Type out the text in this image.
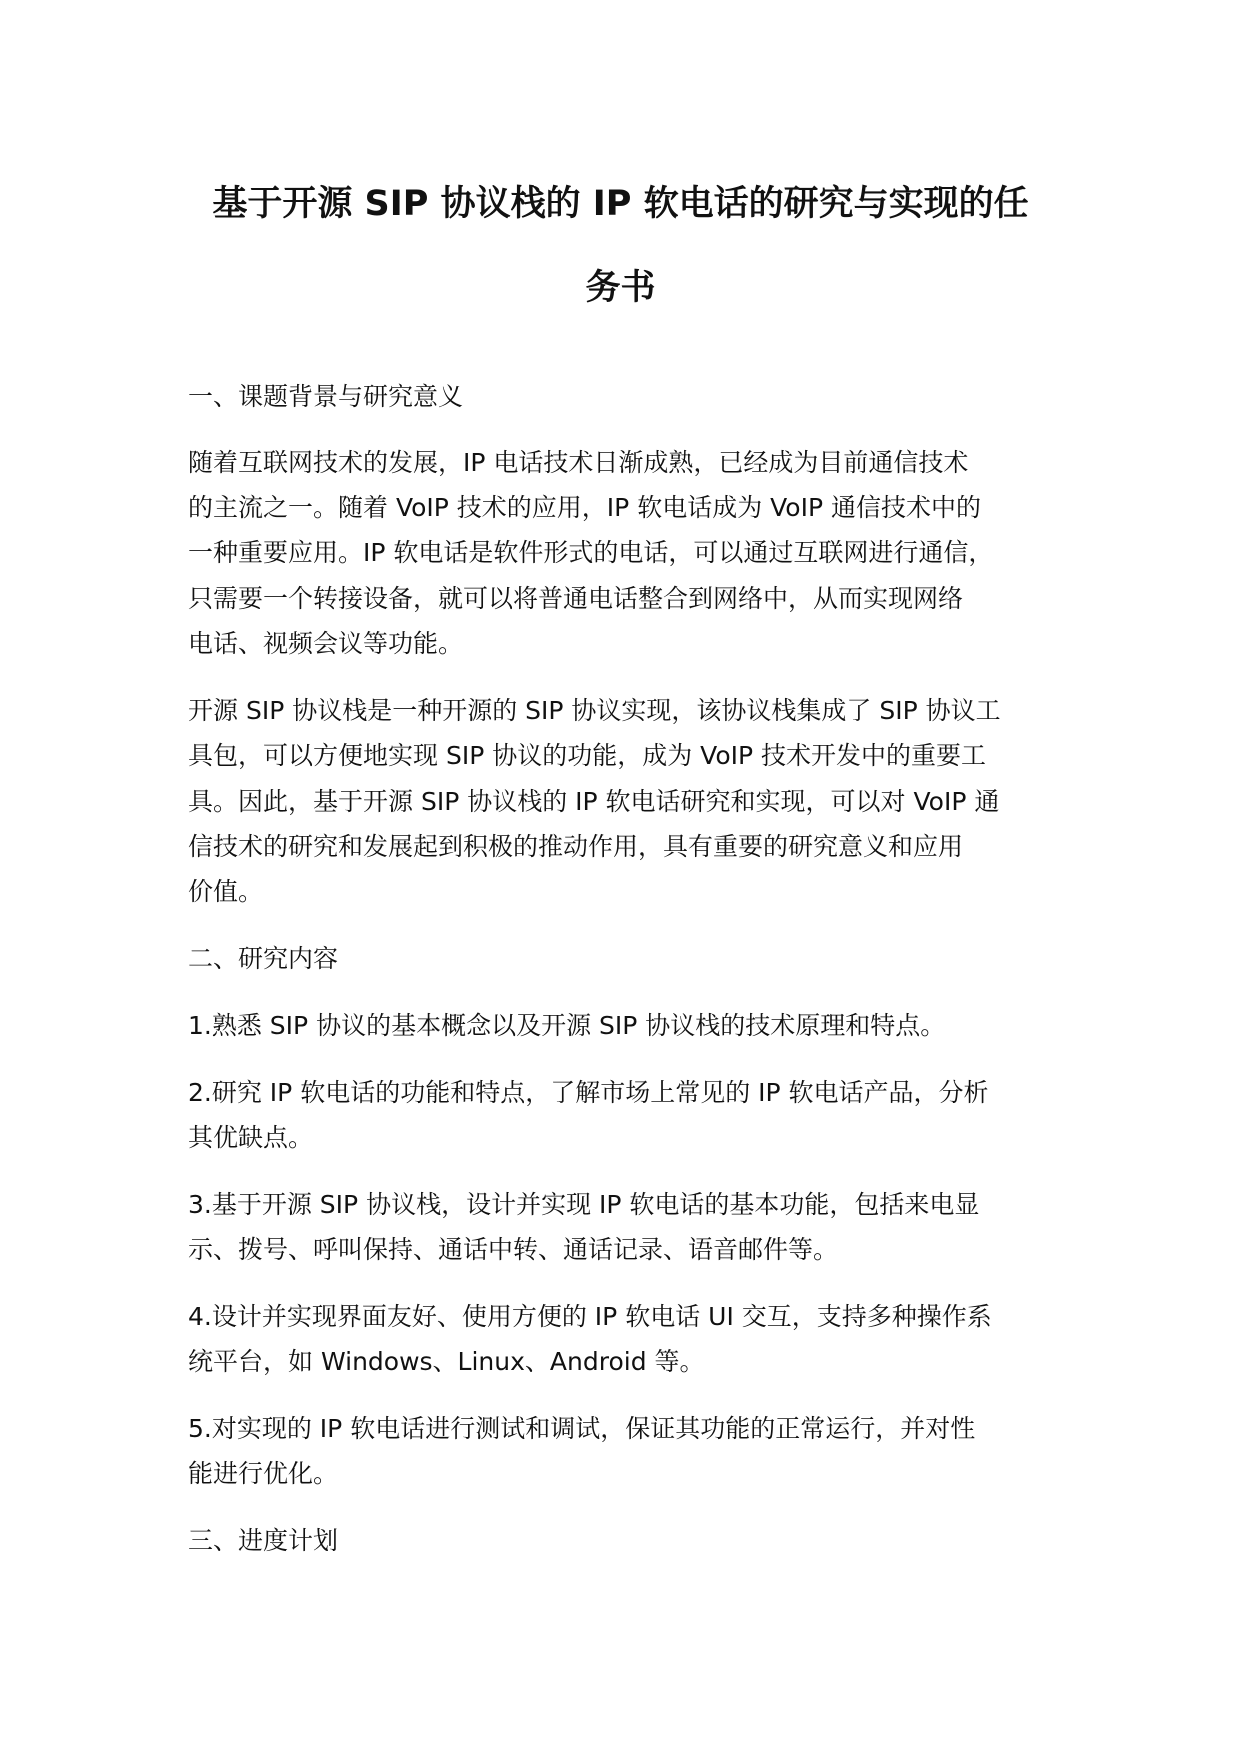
基于开源 SIP 协议栈的 IP 软电话的研究与实现的任
务书

一、课题背景与研究意义

随着互联网技术的发展，IP 电话技术日渐成熟，已经成为目前通信技术

的主流之一。随着 VoIP 技术的应用，IP 软电话成为 VoIP 通信技术中的

一种重要应用。IP 软电话是软件形式的电话，可以通过互联网进行通信，

只需要一个转接设备，就可以将普通电话整合到网络中，从而实现网络

电话、视频会议等功能。

开源 SIP 协议栈是一种开源的 SIP 协议实现，该协议栈集成了 SIP 协议工

具包，可以方便地实现 SIP 协议的功能，成为 VoIP 技术开发中的重要工

具。因此，基于开源 SIP 协议栈的 IP 软电话研究和实现，可以对 VoIP 通

信技术的研究和发展起到积极的推动作用，具有重要的研究意义和应用

价值。

二、研究内容

1.熟悉 SIP 协议的基本概念以及开源 SIP 协议栈的技术原理和特点。

2.研究 IP 软电话的功能和特点，了解市场上常见的 IP 软电话产品，分析

其优缺点。

3.基于开源 SIP 协议栈，设计并实现 IP 软电话的基本功能，包括来电显

示、拨号、呼叫保持、通话中转、通话记录、语音邮件等。

4.设计并实现界面友好、使用方便的 IP 软电话 UI 交互，支持多种操作系

统平台，如 Windows、Linux、Android 等。

5.对实现的 IP 软电话进行测试和调试，保证其功能的正常运行，并对性

能进行优化。

三、进度计划
